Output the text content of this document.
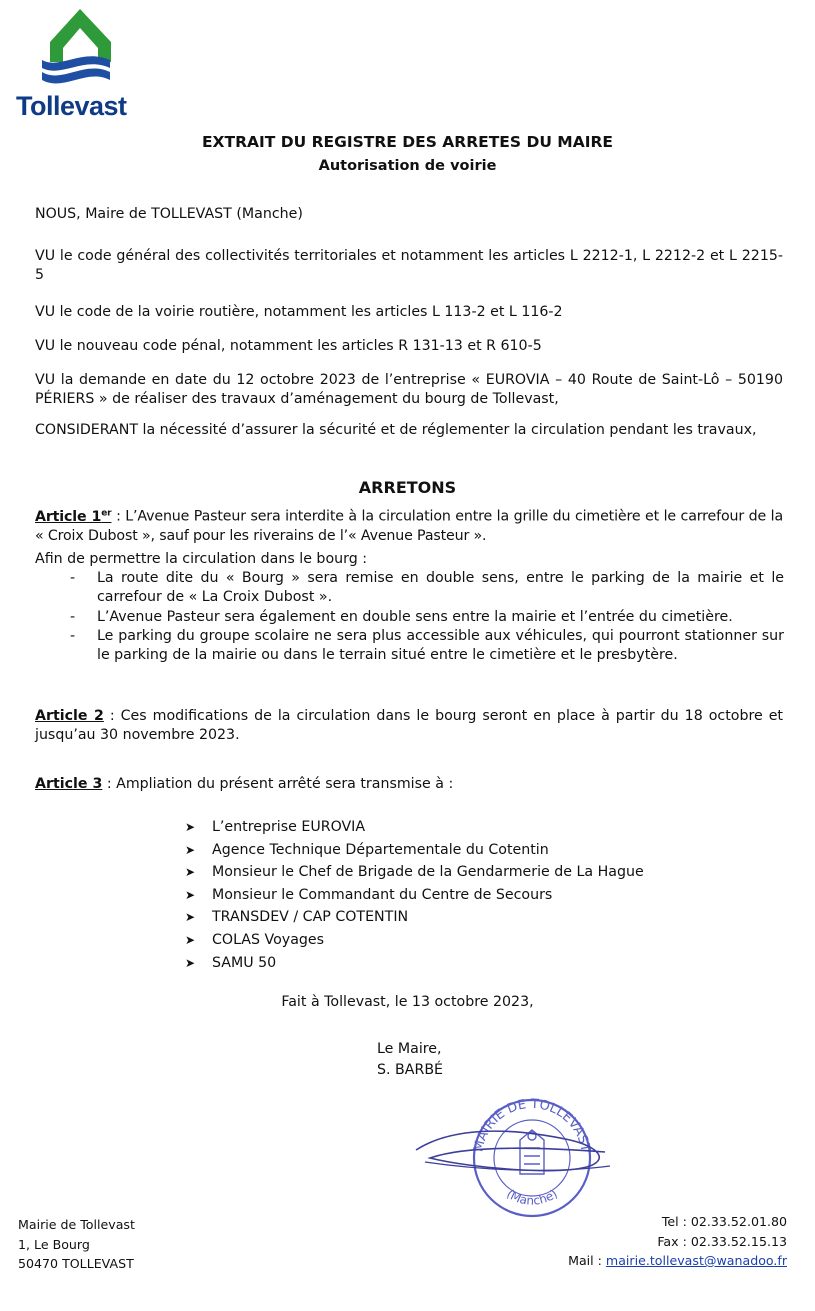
Tollevast
EXTRAIT DU REGISTRE DES ARRETES DU MAIRE
Autorisation de voirie

NOUS, Maire de TOLLEVAST (Manche)

VU le code général des collectivités territoriales et notamment les articles L 2212-1, L 2212-2 et L 2215-5

VU le code de la voirie routière, notamment les articles L 113-2 et L 116-2

VU le nouveau code pénal, notamment les articles R 131-13 et R 610-5

VU la demande en date du 12 octobre 2023 de l’entreprise « EUROVIA – 40 Route de Saint-Lô – 50190 PÉRIERS » de réaliser des travaux d’aménagement du bourg de Tollevast,

CONSIDERANT la nécessité d’assurer la sécurité et de réglementer la circulation pendant les travaux,

ARRETONS

Article 1er : L’Avenue Pasteur sera interdite à la circulation entre la grille du cimetière et le carrefour de la « Croix Dubost », sauf pour les riverains de l’« Avenue Pasteur ».

Afin de permettre la circulation dans le bourg :

- La route dite du « Bourg » sera remise en double sens, entre le parking de la mairie et le carrefour de « La Croix Dubost ».
- L’Avenue Pasteur sera également en double sens entre la mairie et l’entrée du cimetière.
- Le parking du groupe scolaire ne sera plus accessible aux véhicules, qui pourront stationner sur le parking de la mairie ou dans le terrain situé entre le cimetière et le presbytère.

Article 2 : Ces modifications de la circulation dans le bourg seront en place à partir du 18 octobre et jusqu’au 30 novembre 2023.

Article 3 : Ampliation du présent arrêté sera transmise à :

➤ L’entreprise EUROVIA
➤ Agence Technique Départementale du Cotentin
➤ Monsieur le Chef de Brigade de la Gendarmerie de La Hague
➤ Monsieur le Commandant du Centre de Secours
➤ TRANSDEV / CAP COTENTIN
➤ COLAS Voyages
➤ SAMU 50
Fait à Tollevast, le 13 octobre 2023,
Le Maire,
S. BARBÉ
MAIRIE DE TOLLEVAST
(Manche)
Mairie de Tollevast
1, Le Bourg
50470 TOLLEVAST
Tel : 02.33.52.01.80
Fax : 02.33.52.15.13
Mail : mairie.tollevast@wanadoo.fr
